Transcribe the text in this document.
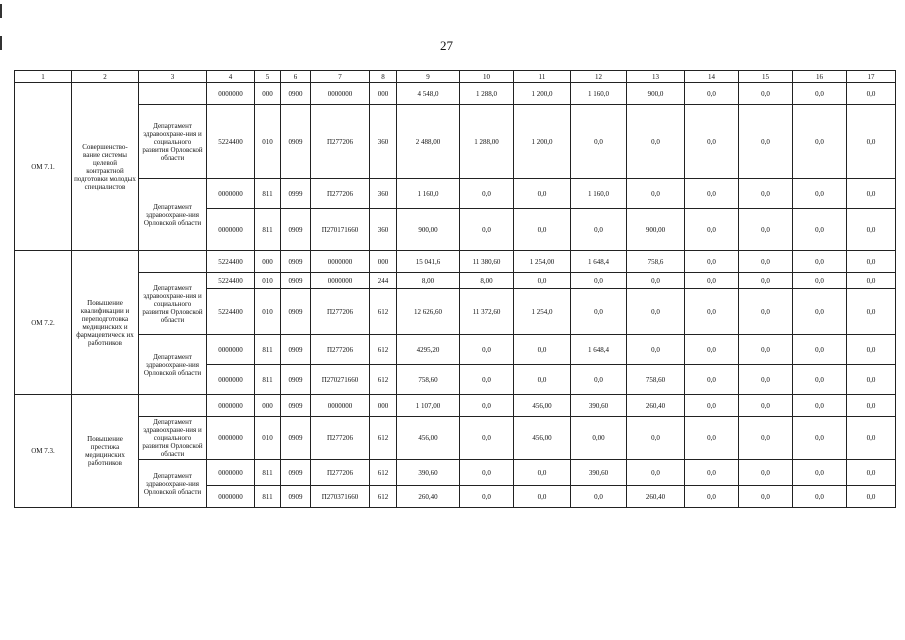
27
1	2	3	4	5	6	7	8	9	10	11	12	13	14	15	16	17
ОМ 7.1.	Совершенство-вание системы целевой контрактной подготовки молодых специалистов		0000000	000	0900	0000000	000	4 548,0	1 288,0	1 200,0	1 160,0	900,0	0,0	0,0	0,0	0,0
		Департамент здравоохране-ния и социального развития Орловской области	5224400	010	0909	П277206	360	2 488,00	1 288,00	1 200,0	0,0	0,0	0,0	0,0	0,0	0,0
		Департамент здравоохране-ния Орловской области	0000000	811	0999	П277206	360	1 160,0	0,0	0,0	1 160,0	0,0	0,0	0,0	0,0	0,0
			0000000	811	0909	П270171660	360	900,00	0,0	0,0	0,0	900,00	0,0	0,0	0,0	0,0
ОМ 7.2.	Повышение квалификации и переподготовка медицинских и фармацевтическ их работников		5224400	000	0909	0000000	000	15 041,6	11 380,60	1 254,00	1 648,4	758,6	0,0	0,0	0,0	0,0
		Департамент здравоохране-ния и социального развития Орловской области	5224400	010	0909	0000000	244	8,00	8,00	0,0	0,0	0,0	0,0	0,0	0,0	0,0
			5224400	010	0909	П277206	612	12 626,60	11 372,60	1 254,0	0,0	0,0	0,0	0,0	0,0	0,0
		Департамент здравоохране-ния Орловской области	0000000	811	0909	П277206	612	4295,20	0,0	0,0	1 648,4	0,0	0,0	0,0	0,0	0,0
			0000000	811	0909	П270271660	612	758,60	0,0	0,0	0,0	758,60	0,0	0,0	0,0	0,0
ОМ 7.3.	Повышение престижа медицинских работников		0000000	000	0909	0000000	000	1 107,00	0,0	456,00	390,60	260,40	0,0	0,0	0,0	0,0
		Департамент здравоохране-ния и социального развития Орловской области	0000000	010	0909	П277206	612	456,00	0,0	456,00	0,00	0,0	0,0	0,0	0,0	0,0
		Департамент здравоохране-ния Орловской области	0000000	811	0909	П277206	612	390,60	0,0	0,0	390,60	0,0	0,0	0,0	0,0	0,0
			0000000	811	0909	П270371660	612	260,40	0,0	0,0	0,0	260,40	0,0	0,0	0,0	0,0
